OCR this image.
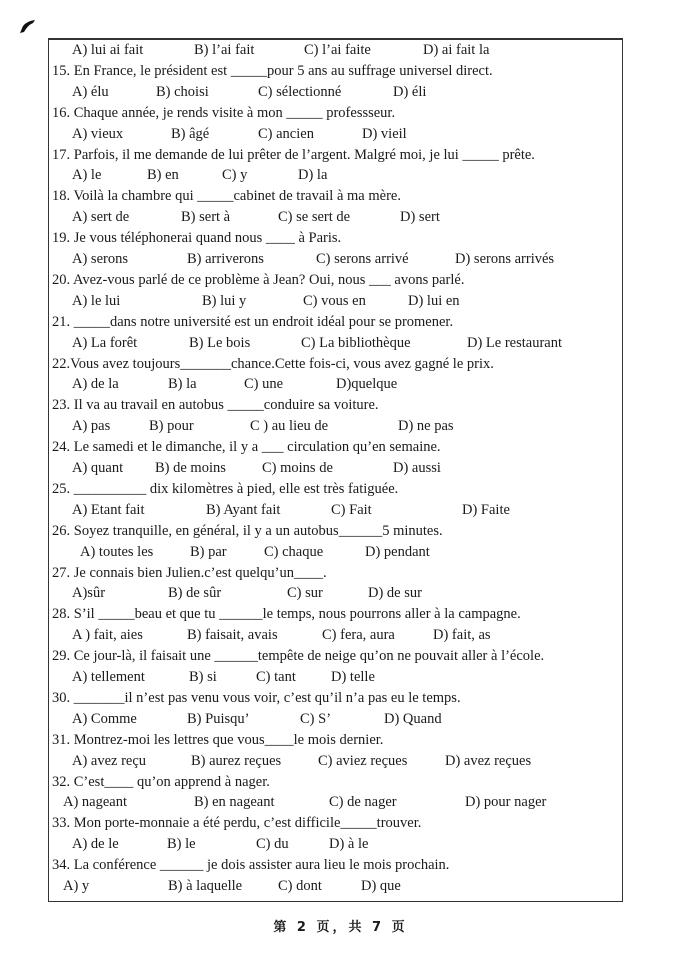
A) lui ai fait	B) l’ai fait	C) l’ai faite	D) ai fait la
15. En France, le président est _____pour 5 ans au suffrage universel direct.
A) élu	B) choisi	C) sélectionné	D) éli
16. Chaque année, je rends visite à mon _____ professseur.
A) vieux	B) âgé	C) ancien	D) vieil
17. Parfois, il me demande de lui prêter de l’argent. Malgré moi, je lui _____ prête.
A) le	B) en	C) y	D) la
18. Voilà la chambre qui _____cabinet de travail à ma mère.
A) sert de	B) sert à	C) se sert de	D) sert
19. Je vous téléphonerai quand nous ____ à Paris.
A) serons	B) arriverons	C) serons arrivé	D) serons arrivés
20. Avez-vous parlé de ce problème à Jean? Oui, nous ___ avons parlé.
A) le lui	B) lui y	C) vous en	D) lui en
21. _____dans notre université est un endroit idéal pour se promener.
A) La forêt	B) Le bois	C) La bibliothèque	D) Le restaurant
22.Vous avez toujours_______chance.Cette fois-ci, vous avez gagné le prix.
A) de la	B) la	C) une	D)quelque
23. Il va au travail en autobus _____conduire sa voiture.
A) pas	B) pour	C ) au lieu de	D) ne pas
24. Le samedi et le dimanche, il y a ___ circulation qu’en semaine.
A) quant B) de moins C) moins de	D) aussi
25. __________ dix kilomètres à pied, elle est très fatiguée.
A) Etant fait	B) Ayant fait	C) Fait	D) Faite
26. Soyez tranquille, en général, il y a un autobus______5 minutes.
A) toutes les	B) par	C) chaque	D) pendant
27. Je connais bien Julien.c’est quelqu’un____.
A)sûr	B) de sûr	C) sur	D) de sur
28. S’il _____beau et que tu ______le temps, nous pourrons aller à la campagne.
A ) fait, aies	B) faisait, avais	C) fera, aura	D) fait, as
29. Ce jour-là, il faisait une ______tempête de neige qu’on ne pouvait aller à l’école.
A) tellement	B) si	C) tant D) telle
30. _______il n’est pas venu vous voir, c’est qu’il n’a pas eu le temps.
A) Comme	B) Puisqu’	C) S’	D) Quand
31. Montrez-moi les lettres que vous____le mois dernier.
A) avez reçu	B) aurez reçues	C) aviez reçues	D) avez reçues
32. C’est____ qu’on apprend à nager.
A) nageant	B) en nageant	C) de nager	D) pour nager
33. Mon porte-monnaie a été perdu, c’est difficile_____trouver.
A) de le	B) le	C) du	D) à le
34. La conférence ______ je dois assister aura lieu le mois prochain.
A) y	B) à laquelle C) dont	D) que
第 2 页，共 7 页
